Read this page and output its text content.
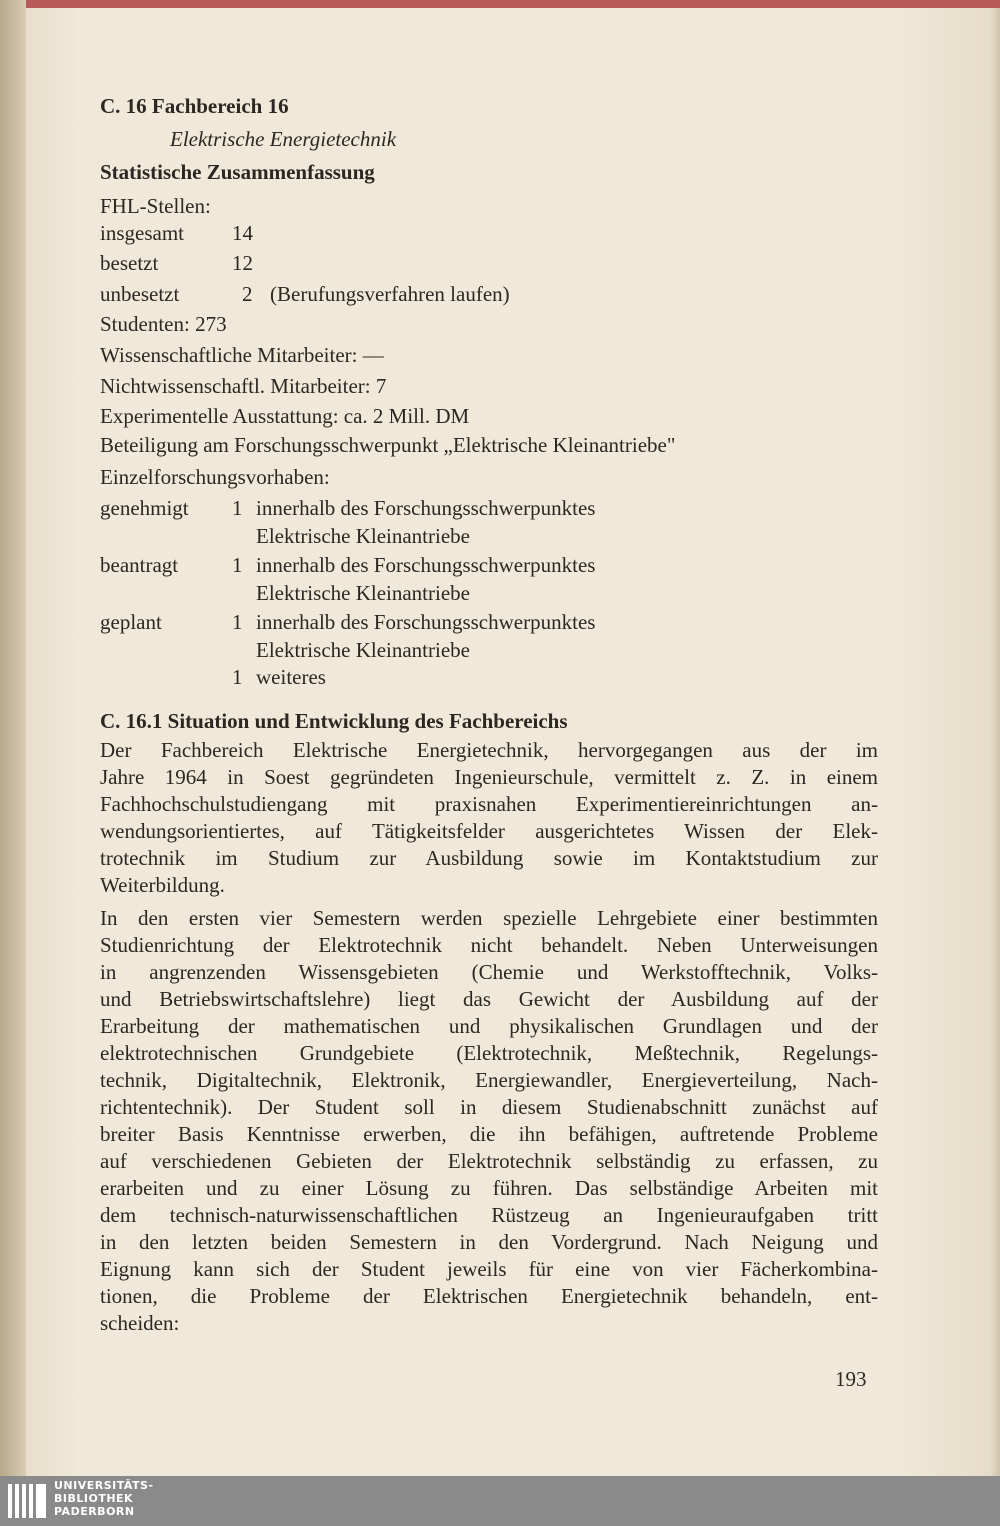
C. 16 Fachbereich 16
Elektrische Energietechnik
Statistische Zusammenfassung
FHL-Stellen:
insgesamt 14
besetzt	12
unbesetzt	2 (Berufungsverfahren laufen)
Studenten: 273
Wissenschaftliche Mitarbeiter: —
Nichtwissenschaftl. Mitarbeiter: 7
Experimentelle Ausstattung: ca. 2 Mill. DM
Beteiligung am Forschungsschwerpunkt „Elektrische Kleinantriebe"
Einzelforschungsvorhaben:
genehmigt 1 innerhalb des Forschungsschwerpunktes
Elektrische Kleinantriebe
beantragt	1 innerhalb des Forschungsschwerpunktes
Elektrische Kleinantriebe
geplant	1 innerhalb des Forschungsschwerpunktes
Elektrische Kleinantriebe
1 weiteres
C. 16.1 Situation und Entwicklung des Fachbereichs
Der Fachbereich Elektrische Energietechnik, hervorgegangen aus der im
Jahre 1964 in Soest gegründeten Ingenieurschule, vermittelt z. Z. in einem
Fachhochschulstudiengang mit praxisnahen Experimentiereinrichtungen an-
wendungsorientiertes, auf Tätigkeitsfelder ausgerichtetes Wissen der Elek-
trotechnik im Studium zur Ausbildung sowie im Kontaktstudium zur
Weiterbildung.
In den ersten vier Semestern werden spezielle Lehrgebiete einer bestimmten
Studienrichtung der Elektrotechnik nicht behandelt. Neben Unterweisungen
in angrenzenden Wissensgebieten (Chemie und Werkstofftechnik, Volks-
und Betriebswirtschaftslehre) liegt das Gewicht der Ausbildung auf der
Erarbeitung der mathematischen und physikalischen Grundlagen und der
elektrotechnischen Grundgebiete (Elektrotechnik, Meßtechnik, Regelungs-
technik, Digitaltechnik, Elektronik, Energiewandler, Energieverteilung, Nach-
richtentechnik). Der Student soll in diesem Studienabschnitt zunächst auf
breiter Basis Kenntnisse erwerben, die ihn befähigen, auftretende Probleme
auf verschiedenen Gebieten der Elektrotechnik selbständig zu erfassen, zu
erarbeiten und zu einer Lösung zu führen. Das selbständige Arbeiten mit
dem technisch-naturwissenschaftlichen Rüstzeug an Ingenieuraufgaben tritt
in den letzten beiden Semestern in den Vordergrund. Nach Neigung und
Eignung kann sich der Student jeweils für eine von vier Fächerkombina-
tionen, die Probleme der Elektrischen Energietechnik behandeln, ent-
scheiden:
193
UNIVERSITÄTS-
BIBLIOTHEK
PADERBORN
